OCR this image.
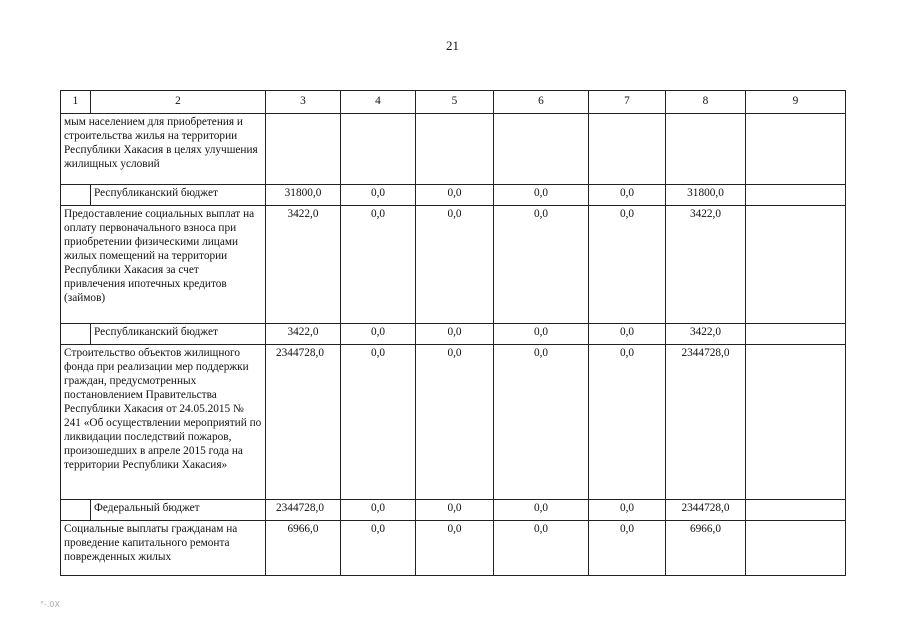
21
1	2	3	4	5	6	7	8	9
мым населением для приобретения и строительства жилья на территории Республики Хакасия в целях улучшения жилищных условий								
	Республиканский бюджет	31800,0	0,0	0,0	0,0	0,0	31800,0	
Предоставление социальных выплат на оплату первоначального взноса при приобретении физическими лицами жилых помещений на территории Республики Хакасия за счет привлечения ипотечных кредитов (займов)		3422,0	0,0	0,0	0,0	0,0	3422,0	
	Республиканский бюджет	3422,0	0,0	0,0	0,0	0,0	3422,0	
Строительство объектов жилищного фонда при реализации мер поддержки граждан, предусмотренных постановлением Правительства Республики Хакасия от 24.05.2015 № 241 «Об осуществлении мероприятий по ликвидации последствий пожаров, произошедших в апреле 2015 года на территории Республики Хакасия»		2344728,0	0,0	0,0	0,0	0,0	2344728,0	
	Федеральный бюджет	2344728,0	0,0	0,0	0,0	0,0	2344728,0	
Социальные выплаты гражданам на проведение капитального ремонта поврежденных жилых		6966,0	0,0	0,0	0,0	0,0	6966,0	
°-.0Х
